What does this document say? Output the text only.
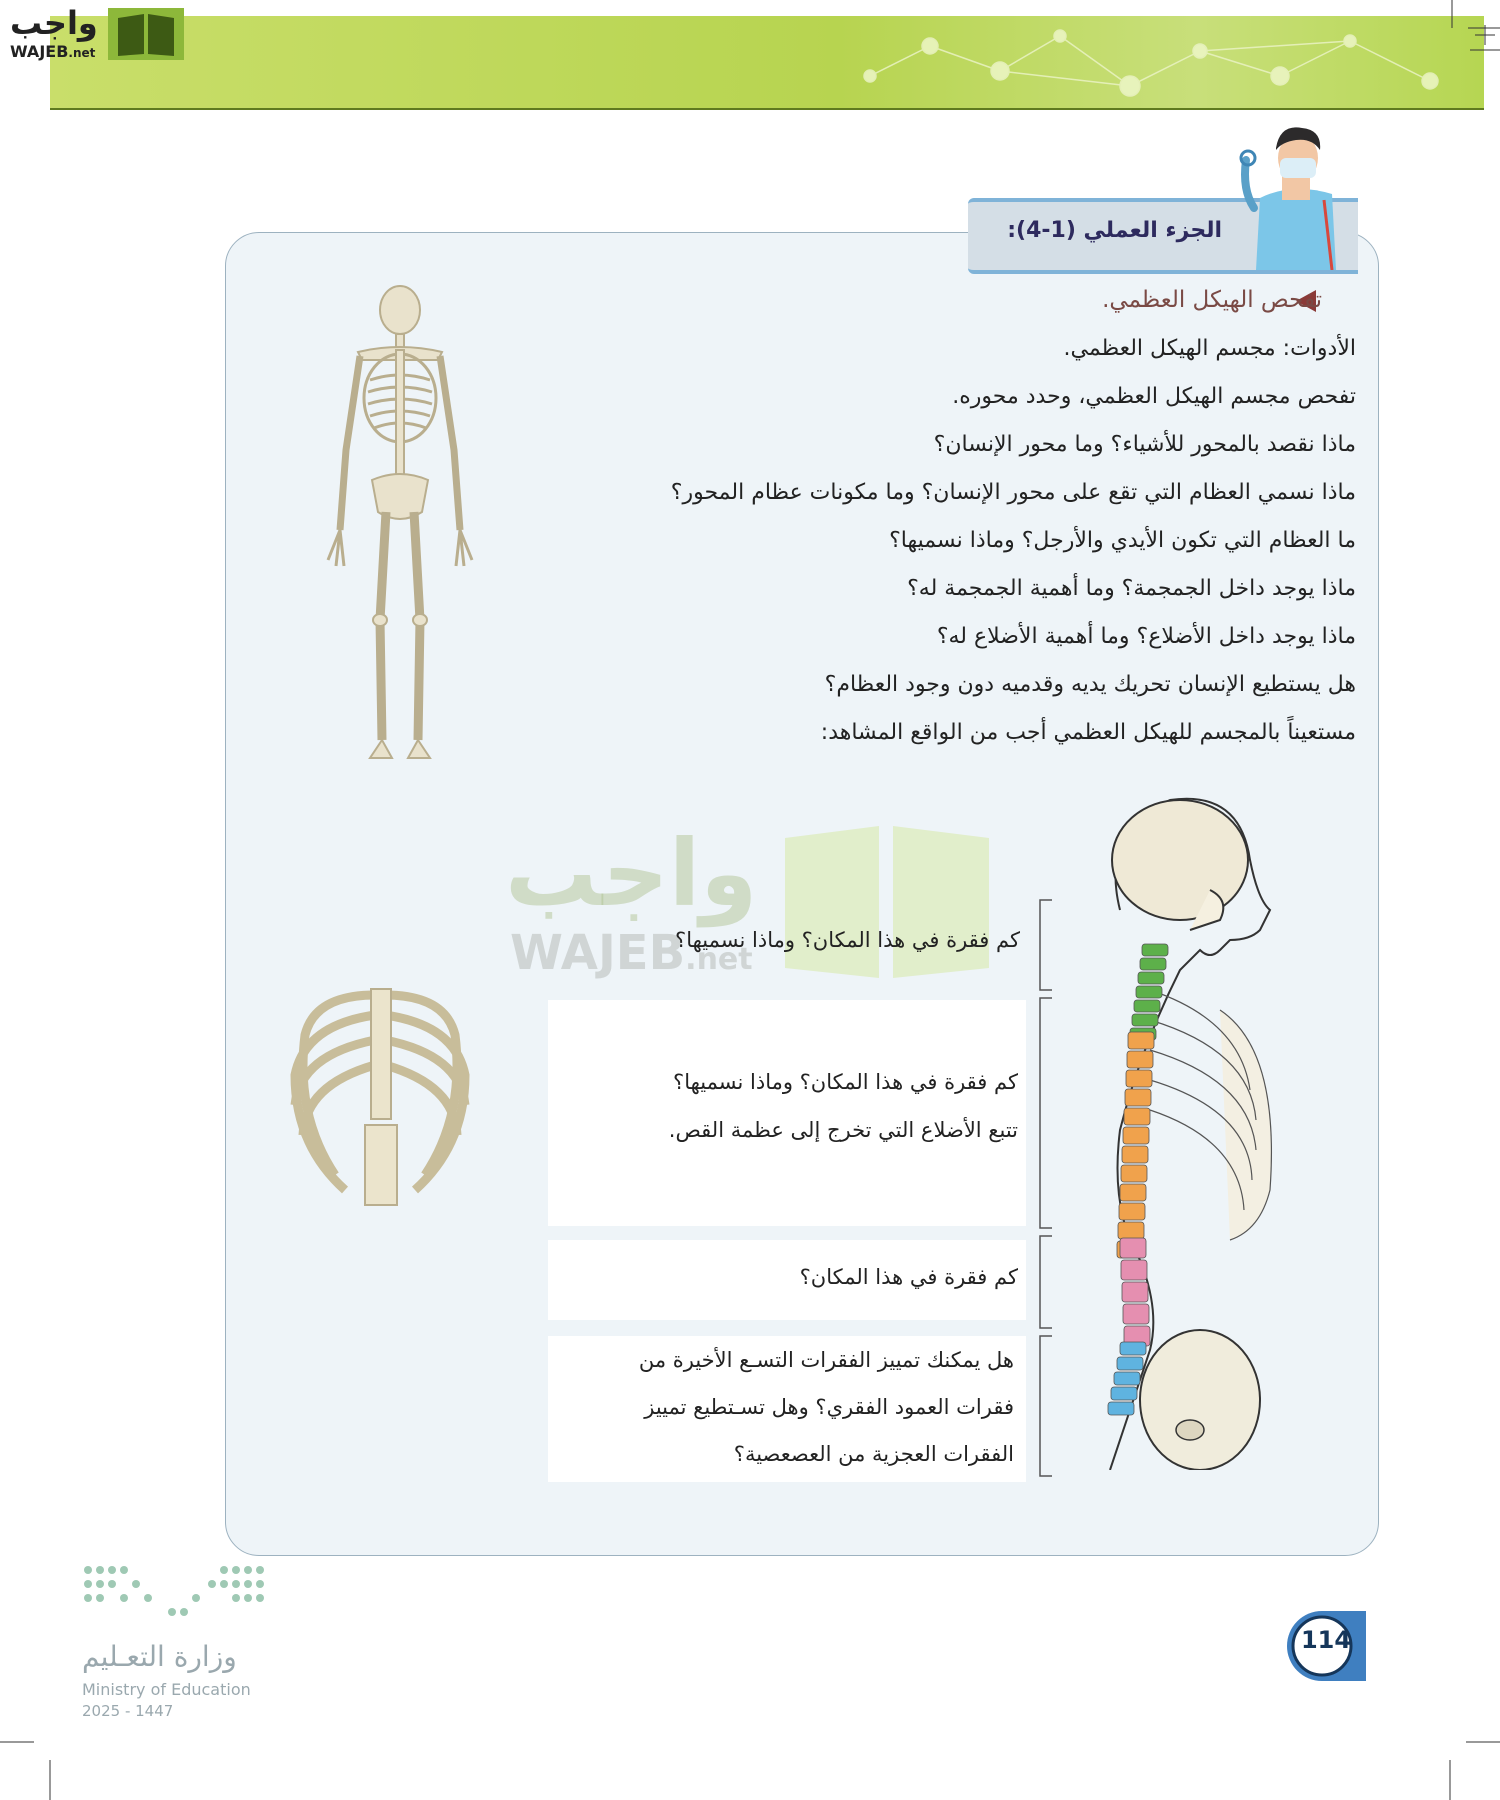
واجب
WAJEB.net
الجزء العملي (1-4):
تفحص الهيكل العظمي.
الأدوات: مجسم الهيكل العظمي.
تفحص مجسم الهيكل العظمي، وحدد محوره.
ماذا نقصد بالمحور للأشياء؟ وما محور الإنسان؟
ماذا نسمي العظام التي تقع على محور الإنسان؟ وما مكونات عظام المحور؟
ما العظام التي تكون الأيدي والأرجل؟ وماذا نسميها؟
ماذا يوجد داخل الجمجمة؟ وما أهمية الجمجمة له؟
ماذا يوجد داخل الأضلاع؟ وما أهمية الأضلاع له؟
هل يستطيع الإنسان تحريك يديه وقدميه دون وجود العظام؟
مستعيناً بالمجسم للهيكل العظمي أجب من الواقع المشاهد:
واجب
WAJEB.net
كم فقرة في هذا المكان؟ وماذا نسميها؟
كم فقرة في هذا المكان؟ وماذا نسميها؟
تتبع الأضلاع التي تخرج إلى عظمة القص.
كم فقرة في هذا المكان؟
هل يمكنك تمييز الفقرات التسـع الأخيرة من
فقرات العمود الفقري؟ وهل تسـتطيع تمييز
الفقرات العجزية من العصعصية؟
وزارة التعـليم
Ministry of Education
2025 - 1447
114
